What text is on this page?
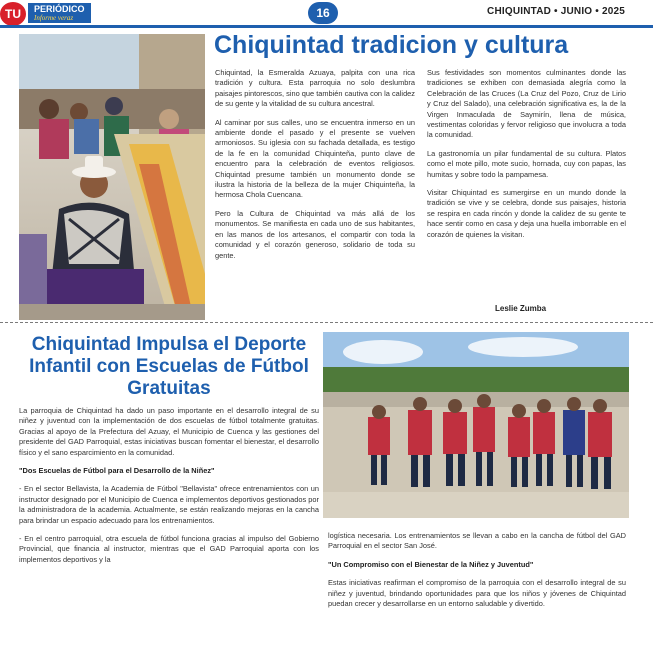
TU	PERIÓDICO
Informe veraz	16	CHIQUINTAD • JUNIO • 2025
Chiquintad tradicion y cultura

Chiquintad, la Esmeralda Azuaya, palpita con una rica tradición y cultura. Esta parroquia no solo deslumbra paisajes pintorescos, sino que también cautiva con la calidez de su gente y la vitalidad de su cultura ancestral.

Al caminar por sus calles, uno se encuentra inmerso en un ambiente donde el pasado y el presente se vuelven armoniosos. Su iglesia con su fachada detallada, es testigo de la fe en la comunidad Chiquinteña, punto clave de encuentro para la celebración de eventos religiosos. Chiquintad presume también un monumento donde se ilustra la historia de la belleza de la mujer Chiquinteña, la hermosa Chola Cuencana.

Pero la Cultura de Chiquintad va más allá de los monumentos. Se manifiesta en cada uno de sus habitantes, en las manos de los artesanos, el compartir con toda la comunidad y el corazón generoso, solidario de toda su gente.

Sus festividades son momentos culminantes donde las tradiciones se exhiben con demasiada alegría como la Celebración de las Cruces (La Cruz del Pozo, Cruz de Lirio y Cruz del Salado), una celebración significativa es, la de la Virgen Inmaculada de Saymirín, llena de música, vestimentas coloridas y fervor religioso que involucra a toda la comunidad.

La gastronomía un pilar fundamental de su cultura. Platos como el mote pillo, mote sucio, hornada, cuy con papas, las humitas y sobre todo la pampamesa.

Visitar Chiquintad es sumergirse en un mundo donde la tradición se vive y se celebra, donde sus paisajes, historia se respira en cada rincón y donde la calidez de su gente te hace sentir como en casa y deja una huella imborrable en el corazón de quienes la visitan.

Leslie Zumba
Chiquintad Impulsa el Deporte Infantil con Escuelas de Fútbol Gratuitas

La parroquia de Chiquintad ha dado un paso importante en el desarrollo integral de su niñez y juventud con la implementación de dos escuelas de fútbol totalmente gratuitas. Gracias al apoyo de la Prefectura del Azuay, el Municipio de Cuenca y las gestiones del presidente del GAD Parroquial, estas iniciativas buscan fomentar el bienestar, el desarrollo físico y el sano esparcimiento en la comunidad.

"Dos Escuelas de Fútbol para el Desarrollo de la Niñez"

- En el sector Bellavista, la Academia de Fútbol "Bellavista" ofrece entrenamientos con un instructor designado por el Municipio de Cuenca e implementos deportivos gestionados por la administradora de la academia. Actualmente, se están realizando mejoras en la cancha para brindar un espacio adecuado para los entrenamientos.

- En el centro parroquial, otra escuela de fútbol funciona gracias al impulso del Gobierno Provincial, que financia al instructor, mientras que el GAD Parroquial aporta con los implementos deportivos y la

logística necesaria. Los entrenamientos se llevan a cabo en la cancha de fútbol del GAD Parroquial en el sector San José.

"Un Compromiso con el Bienestar de la Niñez y Juventud"

Estas iniciativas reafirman el compromiso de la parroquia con el desarrollo integral de su niñez y juventud, brindando oportunidades para que los niños y jóvenes de Chiquintad puedan crecer y desarrollarse en un entorno saludable y divertido.
